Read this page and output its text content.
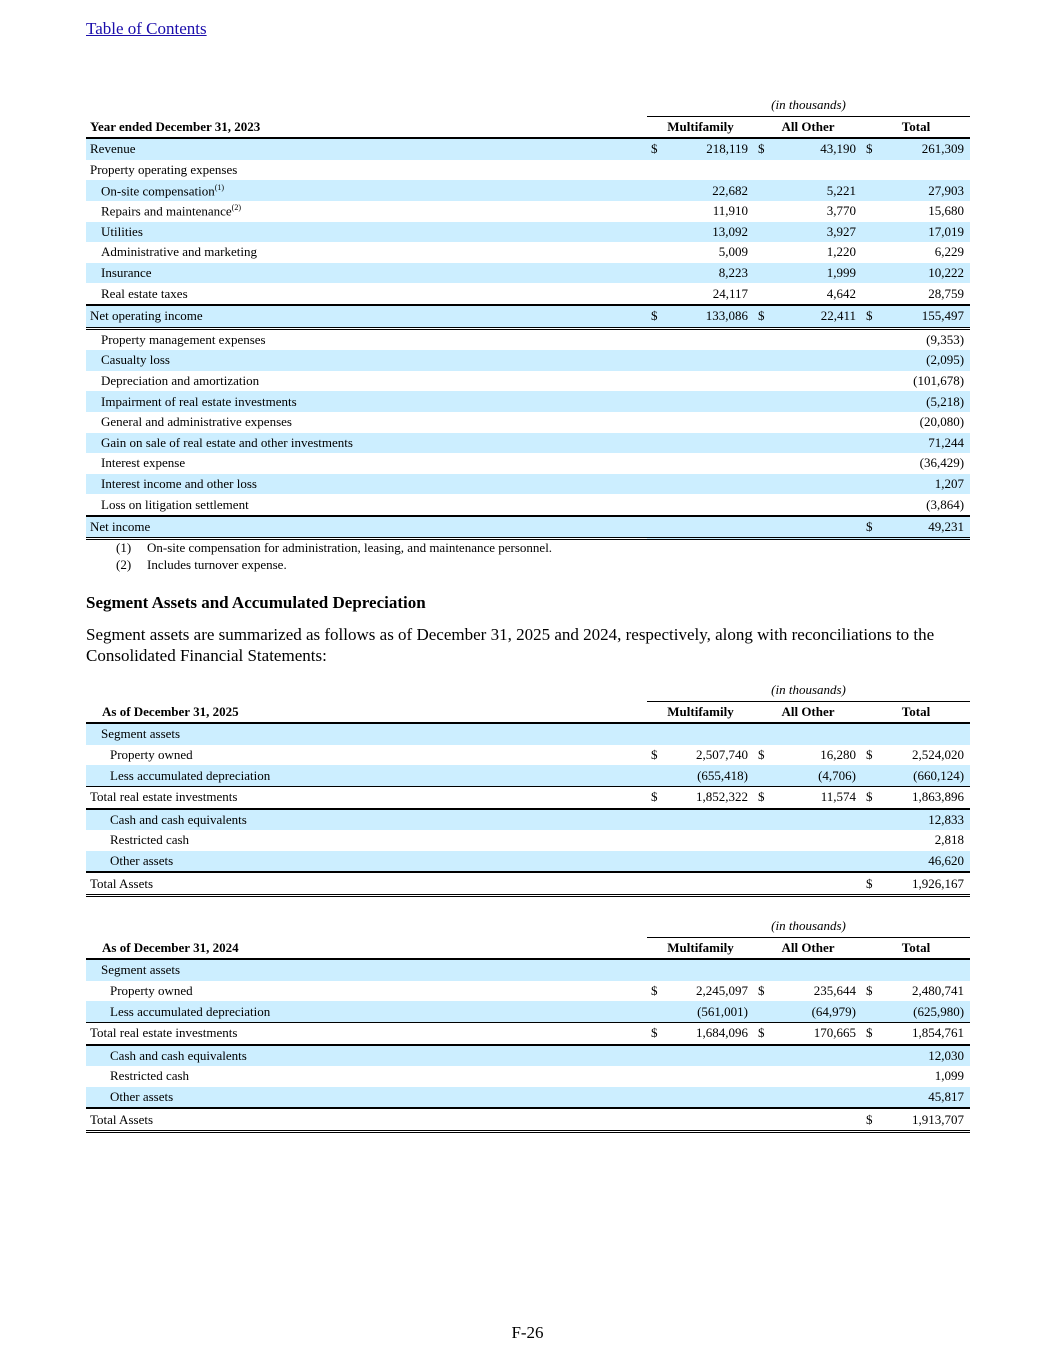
Table of Contents
	(in thousands)					
Year ended December 31, 2023	Multifamily		All Other		Total	
Revenue	$	218,119	$	43,190	$	261,309
Property operating expenses						
On-site compensation$^{(1)}$		22,682		5,221		27,903
Repairs and maintenance$^{(2)}$		11,910		3,770		15,680
Utilities		13,092		3,927		17,019
Administrative and marketing		5,009		1,220		6,229
Insurance		8,223		1,999		10,222
Real estate taxes		24,117		4,642		28,759
Net operating income	$	133,086	$	22,411	$	155,497
Property management expenses						(9,353)
Casualty loss						(2,095)
Depreciation and amortization						(101,678)
Impairment of real estate investments						(5,218)
General and administrative expenses						(20,080)
Gain on sale of real estate and other investments						71,244
Interest expense						(36,429)
Interest income and other loss						1,207
Loss on litigation settlement						(3,864)
Net income					$	49,231
(1) On-site compensation for administration, leasing, and maintenance personnel.
(2) Includes turnover expense.
Segment Assets and Accumulated Depreciation
Segment assets are summarized as follows as of December 31, 2025 and 2024, respectively, along with reconciliations to the Consolidated Financial Statements:
	(in thousands)					
As of December 31, 2025	Multifamily		All Other		Total	
Segment assets						
Property owned	$	2,507,740	$	16,280	$	2,524,020
Less accumulated depreciation		(655,418)		(4,706)		(660,124)
Total real estate investments	$	1,852,322	$	11,574	$	1,863,896
Cash and cash equivalents						12,833
Restricted cash						2,818
Other assets						46,620
Total Assets					$	1,926,167
	(in thousands)					
As of December 31, 2024	Multifamily		All Other		Total	
Segment assets						
Property owned	$	2,245,097	$	235,644	$	2,480,741
Less accumulated depreciation		(561,001)		(64,979)		(625,980)
Total real estate investments	$	1,684,096	$	170,665	$	1,854,761
Cash and cash equivalents						12,030
Restricted cash						1,099
Other assets						45,817
Total Assets					$	1,913,707
F-26
